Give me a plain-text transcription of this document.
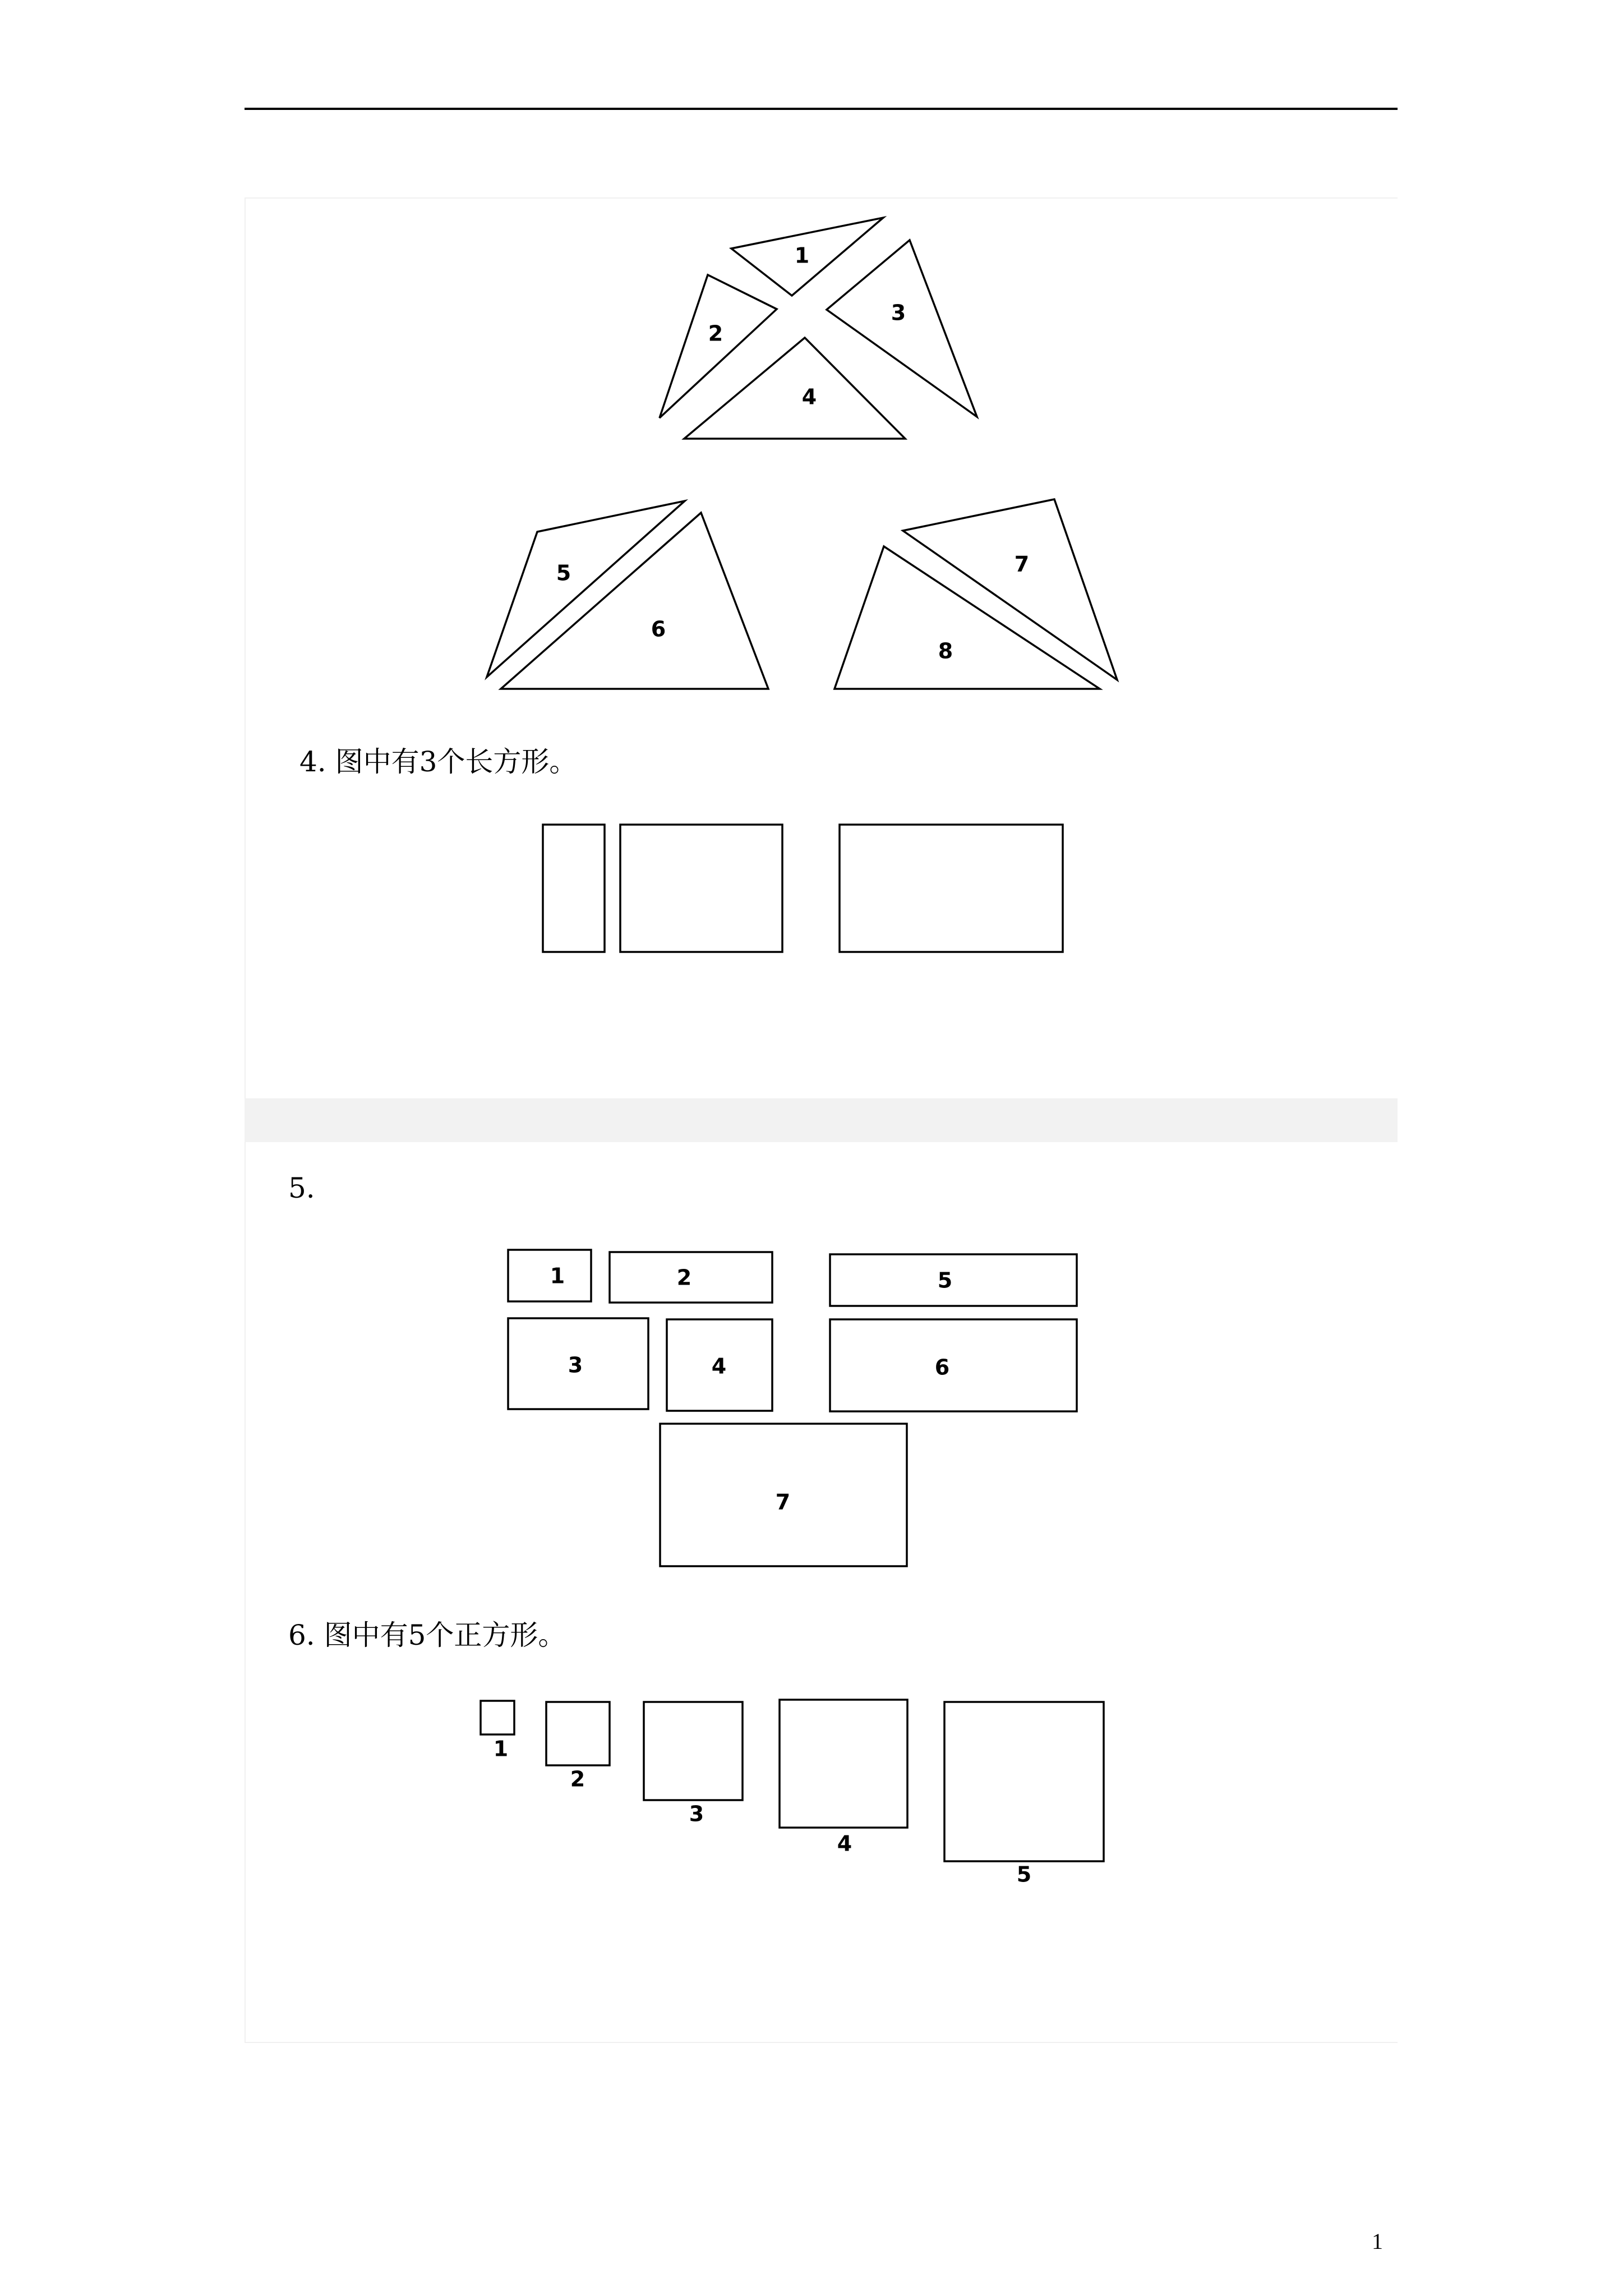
1
2
3
4
5
6
7
8
1	2
3	4
5
6
7
1
2
3
4
5
4. 图中有3个长方形。
5.
6. 图中有5个正方形。
1
